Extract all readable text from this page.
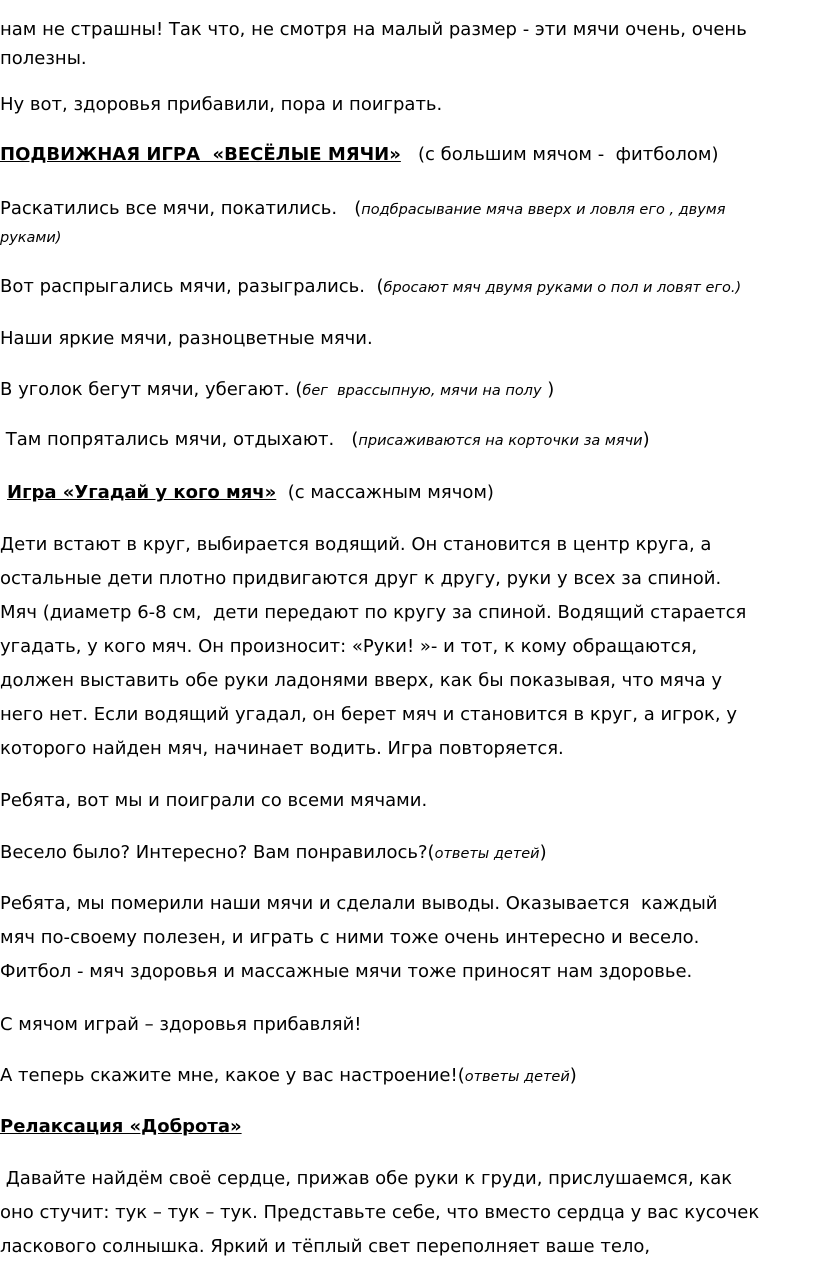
нам не страшны! Так что, не смотря на малый размер - эти мячи очень, очень
полезны.
Ну вот, здоровья прибавили, пора и поиграть.
ПОДВИЖНАЯ ИГРА  «ВЕСЁЛЫЕ МЯЧИ» (с большим мячом -  фитболом)
Раскатились все мячи, покатились. (подбрасывание мяча вверх и ловля его , двумя
руками)
Вот распрыгались мячи, разыгрались. (бросают мяч двумя руками о пол и ловят его.)
Наши яркие мячи, разноцветные мячи.
В уголок бегут мячи, убегают. (бег  врассыпную, мячи на полу )
Там попрятались мячи, отдыхают. (присаживаются на корточки за мячи)
Игра «Угадай у кого мяч» (с массажным мячом)
Дети встают в круг, выбирается водящий. Он становится в центр круга, а
остальные дети плотно придвигаются друг к другу, руки у всех за спиной.
Мяч (диаметр 6-8 см,  дети передают по кругу за спиной. Водящий старается
угадать, у кого мяч. Он произносит: «Руки! »- и тот, к кому обращаются,
должен выставить обе руки ладонями вверх, как бы показывая, что мяча у
него нет. Если водящий угадал, он берет мяч и становится в круг, а игрок, у
которого найден мяч, начинает водить. Игра повторяется.
Ребята, вот мы и поиграли со всеми мячами.
Весело было? Интересно? Вам понравилось?(ответы детей)
Ребята, мы померили наши мячи и сделали выводы. Оказывается  каждый
мяч по-своему полезен, и играть с ними тоже очень интересно и весело.
Фитбол - мяч здоровья и массажные мячи тоже приносят нам здоровье.
С мячом играй – здоровья прибавляй!
А теперь скажите мне, какое у вас настроение!(ответы детей)
Релаксация «Доброта»
Давайте найдём своё сердце, прижав обе руки к груди, прислушаемся, как
оно стучит: тук – тук – тук. Представьте себе, что вместо сердца у вас кусочек
ласкового солнышка. Яркий и тёплый свет переполняет ваше тело,
